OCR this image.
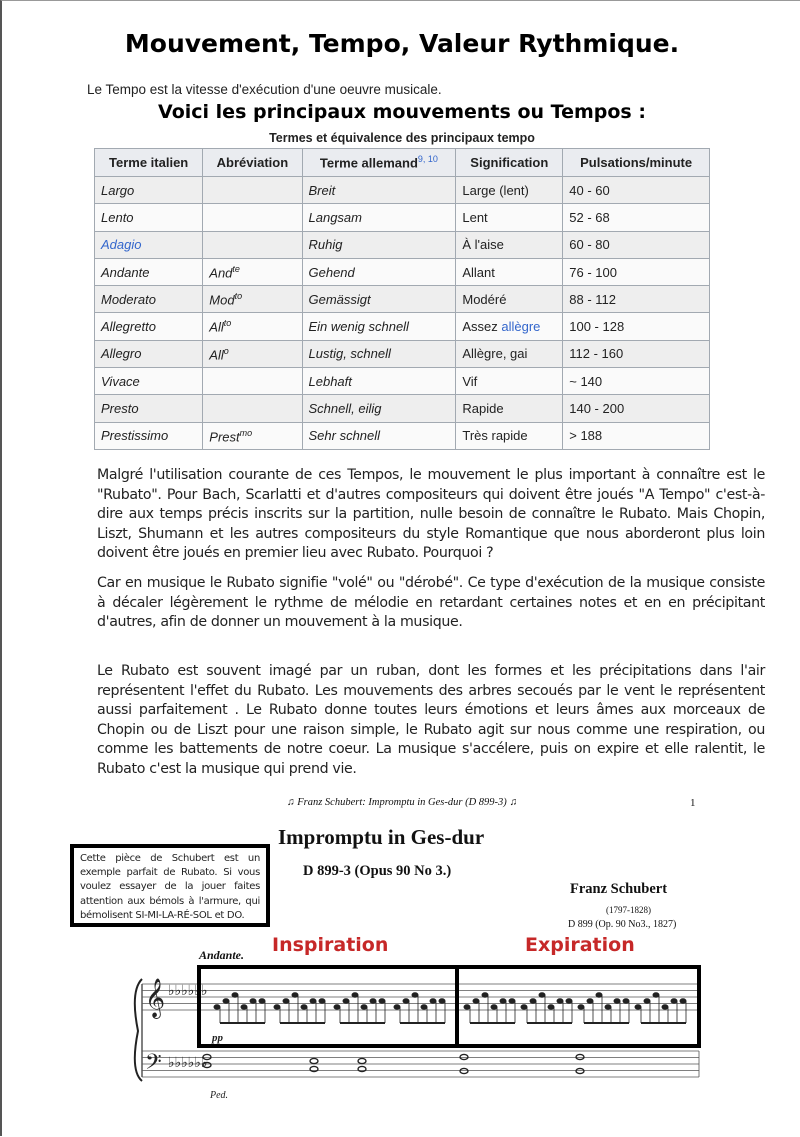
Mouvement, Tempo, Valeur Rythmique.
Le Tempo est la vitesse d'exécution d'une oeuvre musicale.
Voici les principaux mouvements ou Tempos :
Termes et équivalence des principaux tempo
Terme italien	Abréviation	Terme allemand$^{9, 10}$	Signification	Pulsations/minute
Largo		Breit	Large (lent)	40 - 60
Lento		Langsam	Lent	52 - 68
Adagio		Ruhig	À l'aise	60 - 80
Andante	And$^{te}$	Gehend	Allant	76 - 100
Moderato	Mod$^{to}$	Gemässigt	Modéré	88 - 112
Allegretto	All$^{to}$	Ein wenig schnell	Assez allègre	100 - 128
Allegro	All$^o$	Lustig, schnell	Allègre, gai	112 - 160
Vivace		Lebhaft	Vif	~ 140
Presto		Schnell, eilig	Rapide	140 - 200
Prestissimo	Prest$^{mo}$	Sehr schnell	Très rapide	> 188
Malgré l'utilisation courante de ces Tempos, le mouvement le plus important à connaître est le "Rubato". Pour Bach, Scarlatti et d'autres compositeurs qui doivent être joués "A Tempo" c'est-à-dire aux temps précis inscrits sur la partition, nulle besoin de connaître le Rubato. Mais Chopin, Liszt, Shumann et les autres compositeurs du style Romantique que nous aborderont plus loin doivent être joués en premier lieu avec Rubato. Pourquoi ?
Car en musique le Rubato signifie "volé" ou "dérobé". Ce type d'exécution de la musique consiste à décaler légèrement le rythme de mélodie en retardant certaines notes et en en précipitant d'autres, afin de donner un mouvement à la musique.
Le Rubato est souvent imagé par un ruban, dont les formes et les précipitations dans l'air représentent l'effet du Rubato. Les mouvements des arbres secoués par le vent le représentent aussi parfaitement . Le Rubato donne toutes leurs émotions et leurs âmes aux morceaux de Chopin ou de Liszt pour une raison simple, le Rubato agit sur nous comme une respiration, ou comme les battements de notre coeur. La musique s'accélere, puis on expire et elle ralentit, le Rubato c'est la musique qui prend vie.
♫ Franz Schubert: Impromptu in Ges-dur (D 899-3) ♫	1
Impromptu in Ges-dur
D 899-3 (Opus 90 No 3.)
Franz Schubert
(1797-1828)
D 899 (Op. 90 No3., 1827)
Cette pièce de Schubert est un exemple parfait de Rubato. Si vous voulez essayer de la jouer faites attention aux bémols à l'armure, qui bémolisent SI-MI-LA-RÉ-SOL et DO.
Inspiration	Expiration
Andante.
𝄞
𝄢
♭♭♭♭♭♭
♭♭♭♭♭♭
pp
Ped.
